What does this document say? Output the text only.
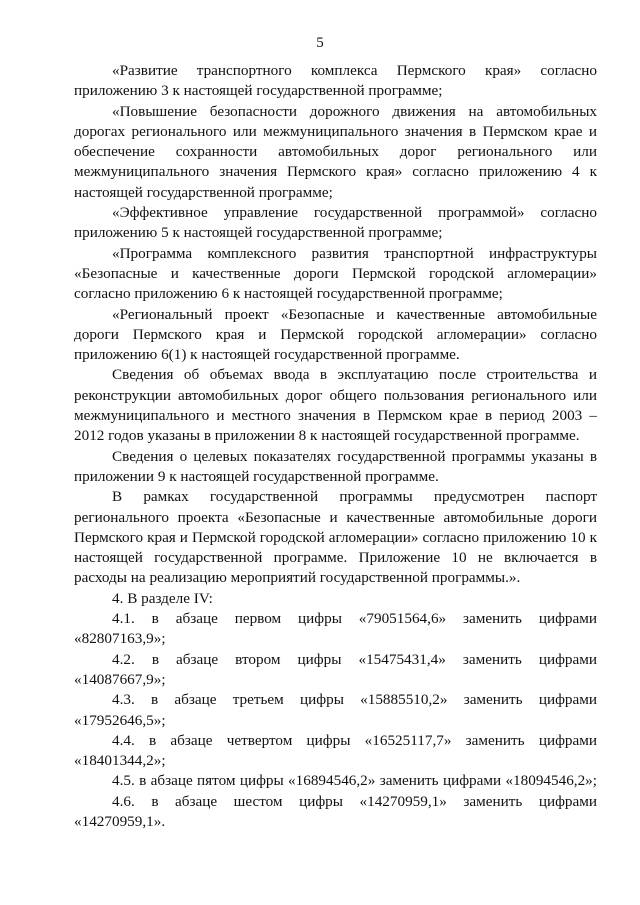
5

«Развитие транспортного комплекса Пермского края» согласно приложению 3 к настоящей государственной программе;

«Повышение безопасности дорожного движения на автомобильных дорогах регионального или межмуниципального значения в Пермском крае и обеспечение сохранности автомобильных дорог регионального или межмуниципального значения Пермского края» согласно приложению 4 к настоящей государственной программе;

«Эффективное управление государственной программой» согласно приложению 5 к настоящей государственной программе;

«Программа комплексного развития транспортной инфраструктуры «Безопасные и качественные дороги Пермской городской агломерации» согласно приложению 6 к настоящей государственной программе;

«Региональный проект «Безопасные и качественные автомобильные дороги Пермского края и Пермской городской агломерации» согласно приложению 6(1) к настоящей государственной программе.

Сведения об объемах ввода в эксплуатацию после строительства и реконструкции автомобильных дорог общего пользования регионального или межмуниципального и местного значения в Пермском крае в период 2003 – 2012 годов указаны в приложении 8 к настоящей государственной программе.

Сведения о целевых показателях государственной программы указаны в приложении 9 к настоящей государственной программе.

В рамках государственной программы предусмотрен паспорт регионального проекта «Безопасные и качественные автомобильные дороги Пермского края и Пермской городской агломерации» согласно приложению 10 к настоящей государственной программе. Приложение 10 не включается в расходы на реализацию мероприятий государственной программы.».

4. В разделе IV:

4.1. в абзаце первом цифры «79051564,6» заменить цифрами «82807163,9»;

4.2. в абзаце втором цифры «15475431,4» заменить цифрами «14087667,9»;

4.3. в абзаце третьем цифры «15885510,2» заменить цифрами «17952646,5»;

4.4. в абзаце четвертом цифры «16525117,7» заменить цифрами «18401344,2»;

4.5. в абзаце пятом цифры «16894546,2» заменить цифрами «18094546,2»;

4.6. в абзаце шестом цифры «14270959,1» заменить цифрами «14270959,1».
